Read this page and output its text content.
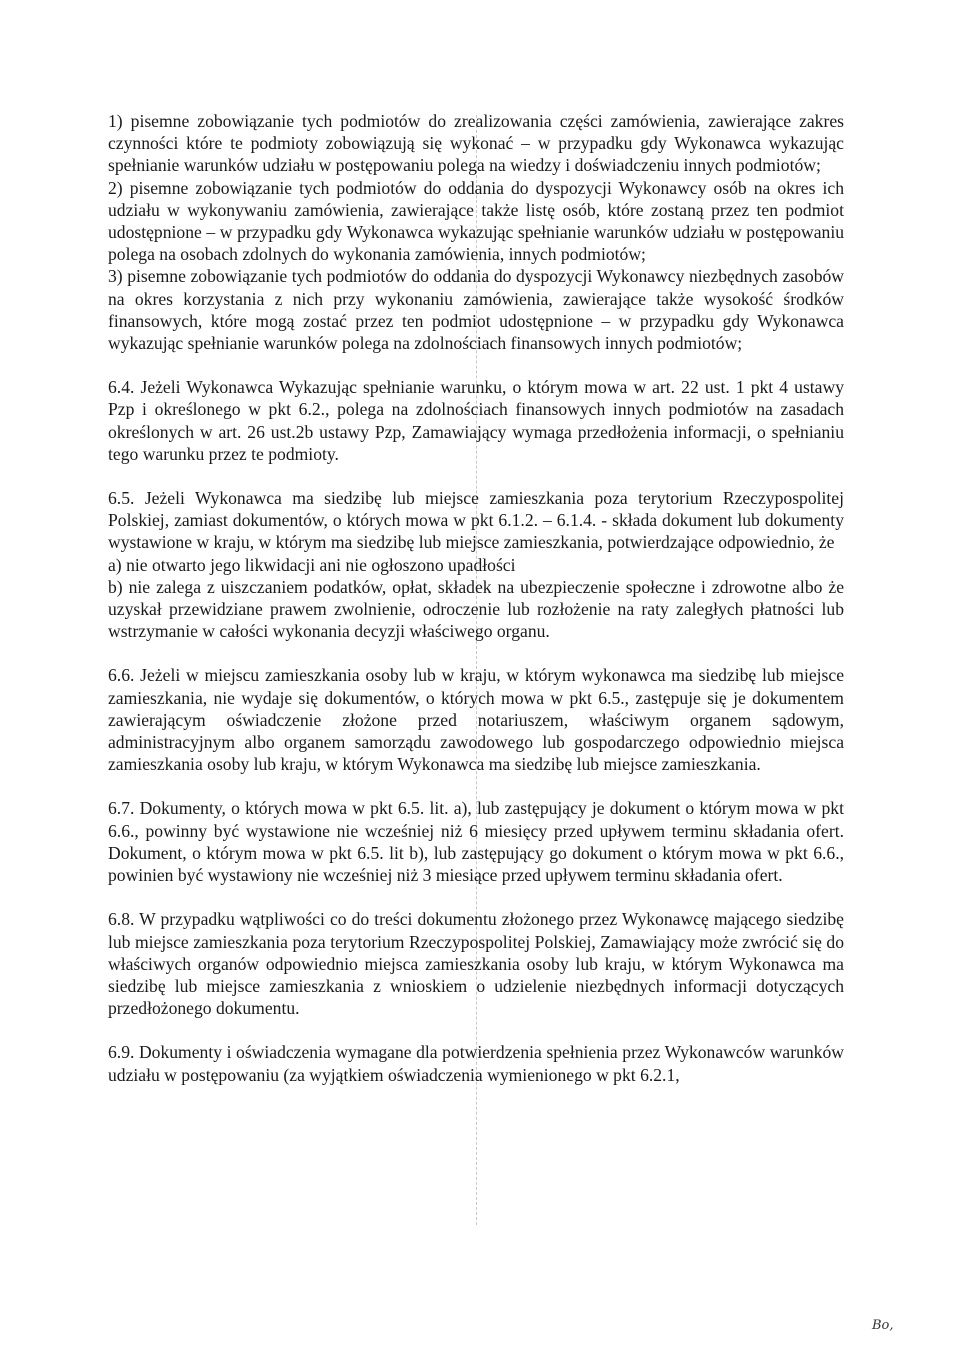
1) pisemne zobowiązanie tych podmiotów do zrealizowania części zamówienia, zawierające zakres czynności które te podmioty zobowiązują się wykonać – w przypadku gdy Wykonawca wykazując spełnianie warunków udziału w postępowaniu polega na wiedzy i doświadczeniu innych podmiotów;

2) pisemne zobowiązanie tych podmiotów do oddania do dyspozycji Wykonawcy osób na okres ich udziału w wykonywaniu zamówienia, zawierające także listę osób, które zostaną przez ten podmiot udostępnione – w przypadku gdy Wykonawca wykazując spełnianie warunków udziału w postępowaniu polega na osobach zdolnych do wykonania zamówienia, innych podmiotów;

3) pisemne zobowiązanie tych podmiotów do oddania do dyspozycji Wykonawcy niezbędnych zasobów na okres korzystania z nich przy wykonaniu zamówienia, zawierające także wysokość środków finansowych, które mogą zostać przez ten podmiot udostępnione – w przypadku gdy Wykonawca wykazując spełnianie warunków polega na zdolnościach finansowych innych podmiotów;

6.4. Jeżeli Wykonawca Wykazując spełnianie warunku, o którym mowa w art. 22 ust. 1 pkt 4 ustawy Pzp i określonego w pkt 6.2., polega na zdolnościach finansowych innych podmiotów na zasadach określonych w art. 26 ust.2b ustawy Pzp, Zamawiający wymaga przedłożenia informacji, o spełnianiu tego warunku przez te podmioty.

6.5. Jeżeli Wykonawca ma siedzibę lub miejsce zamieszkania poza terytorium Rzeczypospolitej Polskiej, zamiast dokumentów, o których mowa w pkt 6.1.2. – 6.1.4. - składa dokument lub dokumenty wystawione w kraju, w którym ma siedzibę lub miejsce zamieszkania, potwierdzające odpowiednio, że

a) nie otwarto jego likwidacji ani nie ogłoszono upadłości

b) nie zalega z uiszczaniem podatków, opłat, składek na ubezpieczenie społeczne i zdrowotne albo że uzyskał przewidziane prawem zwolnienie, odroczenie lub rozłożenie na raty zaległych płatności lub wstrzymanie w całości wykonania decyzji właściwego organu.

6.6. Jeżeli w miejscu zamieszkania osoby lub w kraju, w którym wykonawca ma siedzibę lub miejsce zamieszkania, nie wydaje się dokumentów, o których mowa w pkt 6.5., zastępuje się je dokumentem zawierającym oświadczenie złożone przed notariuszem, właściwym organem sądowym, administracyjnym albo organem samorządu zawodowego lub gospodarczego odpowiednio miejsca zamieszkania osoby lub kraju, w którym Wykonawca ma siedzibę lub miejsce zamieszkania.

6.7. Dokumenty, o których mowa w pkt 6.5. lit. a), lub zastępujący je dokument o którym mowa w pkt 6.6., powinny być wystawione nie wcześniej niż 6 miesięcy przed upływem terminu składania ofert. Dokument, o którym mowa w pkt 6.5. lit b), lub zastępujący go dokument o którym mowa w pkt 6.6., powinien być wystawiony nie wcześniej niż 3 miesiące przed upływem terminu składania ofert.

6.8. W przypadku wątpliwości co do treści dokumentu złożonego przez Wykonawcę mającego siedzibę lub miejsce zamieszkania poza terytorium Rzeczypospolitej Polskiej, Zamawiający może zwrócić się do właściwych organów odpowiednio miejsca zamieszkania osoby lub kraju, w którym Wykonawca ma siedzibę lub miejsce zamieszkania z wnioskiem o udzielenie niezbędnych informacji dotyczących przedłożonego dokumentu.

6.9. Dokumenty i oświadczenia wymagane dla potwierdzenia spełnienia przez Wykonawców warunków udziału w postępowaniu (za wyjątkiem oświadczenia wymienionego w pkt 6.2.1,

Bo,
